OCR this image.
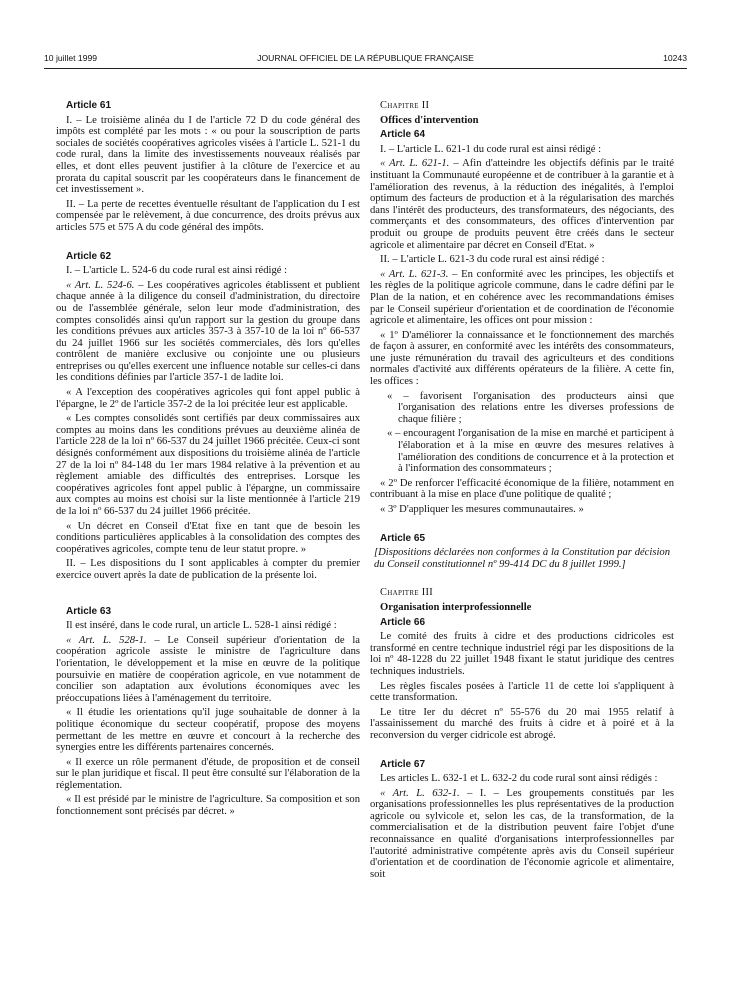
10 juillet 1999	JOURNAL OFFICIEL DE LA RÉPUBLIQUE FRANÇAISE	10243

Article 61

I. – Le troisième alinéa du I de l'article 72 D du code général des impôts est complété par les mots : « ou pour la souscription de parts sociales de sociétés coopératives agricoles visées à l'article L. 521-1 du code rural, dans la limite des investissements nouveaux réalisés par elles, et dont elles peuvent justifier à la clôture de l'exercice et au prorata du capital souscrit par les coopérateurs dans le financement de cet investissement ».

II. – La perte de recettes éventuelle résultant de l'application du I est compensée par le relèvement, à due concurrence, des droits prévus aux articles 575 et 575 A du code général des impôts.

Article 62

I. – L'article L. 524-6 du code rural est ainsi rédigé :

« Art. L. 524-6. – Les coopératives agricoles établissent et publient chaque année à la diligence du conseil d'administration, du directoire ou de l'assemblée générale, selon leur mode d'administration, des comptes consolidés ainsi qu'un rapport sur la gestion du groupe dans les conditions prévues aux articles 357-3 à 357-10 de la loi nº 66-537 du 24 juillet 1966 sur les sociétés commerciales, dès lors qu'elles contrôlent de manière exclusive ou conjointe une ou plusieurs entreprises ou qu'elles exercent une influence notable sur celles-ci dans les conditions définies par l'article 357-1 de ladite loi.

« A l'exception des coopératives agricoles qui font appel public à l'épargne, le 2º de l'article 357-2 de la loi précitée leur est applicable.

« Les comptes consolidés sont certifiés par deux commissaires aux comptes au moins dans les conditions prévues au deuxième alinéa de l'article 228 de la loi nº 66-537 du 24 juillet 1966 précitée. Ceux-ci sont désignés conformément aux dispositions du troisième alinéa de l'article 27 de la loi nº 84-148 du 1er mars 1984 relative à la prévention et au règlement amiable des difficultés des entreprises. Lorsque les coopératives agricoles font appel public à l'épargne, un commissaire aux comptes au moins est choisi sur la liste mentionnée à l'article 219 de la loi nº 66-537 du 24 juillet 1966 précitée.

« Un décret en Conseil d'Etat fixe en tant que de besoin les conditions particulières applicables à la consolidation des comptes des coopératives agricoles, compte tenu de leur statut propre. »

II. – Les dispositions du I sont applicables à compter du premier exercice ouvert après la date de publication de la présente loi.

Article 63

Il est inséré, dans le code rural, un article L. 528-1 ainsi rédigé :

« Art. L. 528-1. – Le Conseil supérieur d'orientation de la coopération agricole assiste le ministre de l'agriculture dans l'orientation, le développement et la mise en œuvre de la politique poursuivie en matière de coopération agricole, en vue notamment de concilier son adaptation aux évolutions économiques avec les préoccupations liées à l'aménagement du territoire.

« Il étudie les orientations qu'il juge souhaitable de donner à la politique économique du secteur coopératif, propose des moyens permettant de les mettre en œuvre et concourt à la recherche des synergies entre les différents partenaires concernés.

« Il exerce un rôle permanent d'étude, de proposition et de conseil sur le plan juridique et fiscal. Il peut être consulté sur l'élaboration de la réglementation.

« Il est présidé par le ministre de l'agriculture. Sa composition et son fonctionnement sont précisés par décret. »

Chapitre II

Offices d'intervention

Article 64

I. – L'article L. 621-1 du code rural est ainsi rédigé :

« Art. L. 621-1. – Afin d'atteindre les objectifs définis par le traité instituant la Communauté européenne et de contribuer à la garantie et à l'amélioration des revenus, à la réduction des inégalités, à l'emploi optimum des facteurs de production et à la régularisation des marchés dans l'intérêt des producteurs, des transformateurs, des négociants, des commerçants et des consommateurs, des offices d'intervention par produit ou groupe de produits peuvent être créés dans le secteur agricole et alimentaire par décret en Conseil d'Etat. »

II. – L'article L. 621-3 du code rural est ainsi rédigé :

« Art. L. 621-3. – En conformité avec les principes, les objectifs et les règles de la politique agricole commune, dans le cadre défini par le Plan de la nation, et en cohérence avec les recommandations émises par le Conseil supérieur d'orientation et de coordination de l'économie agricole et alimentaire, les offices ont pour mission :

« 1º D'améliorer la connaissance et le fonctionnement des marchés de façon à assurer, en conformité avec les intérêts des consommateurs, une juste rémunération du travail des agriculteurs et des conditions normales d'activité aux différents opérateurs de la filière. A cette fin, les offices :

« – favorisent l'organisation des producteurs ainsi que l'organisation des relations entre les diverses professions de chaque filière ;

« – encouragent l'organisation de la mise en marché et participent à l'élaboration et à la mise en œuvre des mesures relatives à l'amélioration des conditions de concurrence et à la protection et à l'information des consommateurs ;

« 2º De renforcer l'efficacité économique de la filière, notamment en contribuant à la mise en place d'une politique de qualité ;

« 3º D'appliquer les mesures communautaires. »

Article 65

[Dispositions déclarées non conformes à la Constitution par décision du Conseil constitutionnel nº 99-414 DC du 8 juillet 1999.]

Chapitre III

Organisation interprofessionnelle

Article 66

Le comité des fruits à cidre et des productions cidricoles est transformé en centre technique industriel régi par les dispositions de la loi nº 48-1228 du 22 juillet 1948 fixant le statut juridique des centres techniques industriels.

Les règles fiscales posées à l'article 11 de cette loi s'appliquent à cette transformation.

Le titre Ier du décret nº 55-576 du 20 mai 1955 relatif à l'assainissement du marché des fruits à cidre et à poiré et à la reconversion du verger cidricole est abrogé.

Article 67

Les articles L. 632-1 et L. 632-2 du code rural sont ainsi rédigés :

« Art. L. 632-1. – I. – Les groupements constitués par les organisations professionnelles les plus représentatives de la production agricole ou sylvicole et, selon les cas, de la transformation, de la commercialisation et de la distribution peuvent faire l'objet d'une reconnaissance en qualité d'organisations interprofessionnelles par l'autorité administrative compétente après avis du Conseil supérieur d'orientation et de coordination de l'économie agricole et alimentaire, soit
